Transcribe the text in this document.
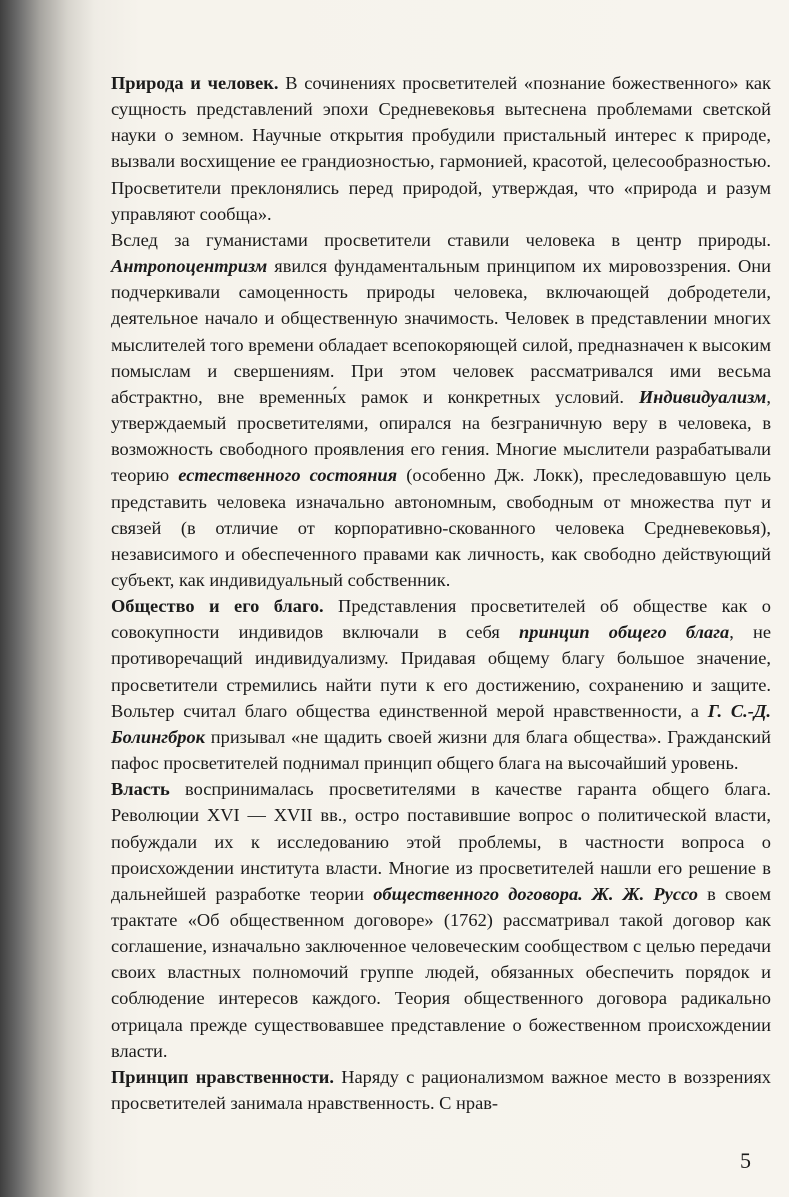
Природа и человек. В сочинениях просветителей «познание божественного» как сущность представлений эпохи Средневековья вытеснена проблемами светской науки о земном. Научные открытия пробудили пристальный интерес к природе, вызвали восхищение ее грандиозностью, гармонией, красотой, целесообразностью. Просветители преклонялись перед природой, утверждая, что «природа и разум управляют сообща».

Вслед за гуманистами просветители ставили человека в центр природы. Антропоцентризм явился фундаментальным принципом их мировоззрения. Они подчеркивали самоценность природы человека, включающей добродетели, деятельное начало и общественную значимость. Человек в представлении многих мыслителей того времени обладает всепокоряющей силой, предназначен к высоким помыслам и свершениям. При этом человек рассматривался ими весьма абстрактно, вне временны́х рамок и конкретных условий. Индивидуализм, утверждаемый просветителями, опирался на безграничную веру в человека, в возможность свободного проявления его гения. Многие мыслители разрабатывали теорию естественного состояния (особенно Дж. Локк), преследовавшую цель представить человека изначально автономным, свободным от множества пут и связей (в отличие от корпоративно-скованного человека Средневековья), независимого и обеспеченного правами как личность, как свободно действующий субъект, как индивидуальный собственник.

Общество и его благо. Представления просветителей об обществе как о совокупности индивидов включали в себя принцип общего блага, не противоречащий индивидуализму. Придавая общему благу большое значение, просветители стремились найти пути к его достижению, сохранению и защите. Вольтер считал благо общества единственной мерой нравственности, а Г. С.-Д. Болингброк призывал «не щадить своей жизни для блага общества». Гражданский пафос просветителей поднимал принцип общего блага на высочайший уровень.

Власть воспринималась просветителями в качестве гаранта общего блага. Революции XVI — XVII вв., остро поставившие вопрос о политической власти, побуждали их к исследованию этой проблемы, в частности вопроса о происхождении института власти. Многие из просветителей нашли его решение в дальнейшей разработке теории общественного договора. Ж. Ж. Руссо в своем трактате «Об общественном договоре» (1762) рассматривал такой договор как соглашение, изначально заключенное человеческим сообществом с целью передачи своих властных полномочий группе людей, обязанных обеспечить порядок и соблюдение интересов каждого. Теория общественного договора радикально отрицала прежде существовавшее представление о божественном происхождении власти.

Принцип нравственности. Наряду с рационализмом важное место в воззрениях просветителей занимала нравственность. С нрав-

5
